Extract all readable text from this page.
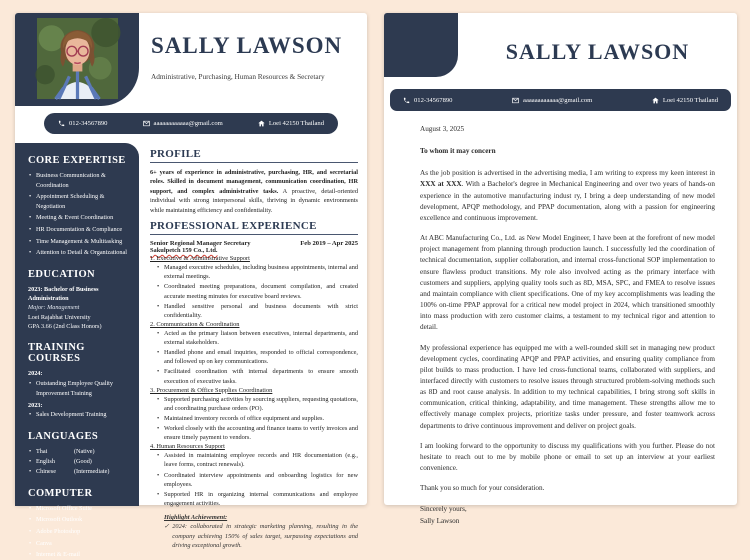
SALLY LAWSON
Administrative, Purchasing, Human Resources & Secretary
012-34567890	aaaaaaaaaaaa@gmail.com	Loei 42150 Thailand
CORE EXPERTISE
• Business Communication & Coordination
• Appointment Scheduling & Negotiation
• Meeting & Event Coordination
• HR Documentation & Compliance
• Time Management & Multitasking
• Attention to Detail & Organizational
EDUCATION
2023: Bachelor of Business Administration
Major: Management
Loei Rajabhat University
GPA 3.66 (2nd Class Honors)
TRAINING COURSES
2024:
• Outstanding Employee Quality Improvement Training
2023:
• Sales Development Training
LANGUAGES
• Thai	(Native)
• English	(Good)
• Chinese	(Intermediate)
COMPUTER
• Microsoft Office Suite
• Microsoft Outlook
• Adobe Photoshop
• Canva
• Internet & E-mail
PROFILE

6+ years of experience in administrative, purchasing, HR, and secretarial roles. Skilled in document management, communication coordination, HR support, and complex administrative tasks. A proactive, detail-oriented individual with strong interpersonal skills, thriving in dynamic environments while maintaining efficiency and confidentiality.

PROFESSIONAL EXPERIENCE
Senior Regional Manager Secretary	Feb 2019 – Apr 2025
Sakulpetch 159 Co., Ltd.
1. Executive & Administrative Support
• Managed executive schedules, including business appointments, internal and external meetings.
• Coordinated meeting preparations, document compilation, and created accurate meeting minutes for executive board reviews.
• Handled sensitive personal and business documents with strict confidentiality.
2. Communication & Coordination
• Acted as the primary liaison between executives, internal departments, and external stakeholders.
• Handled phone and email inquiries, responded to official correspondence, and followed up on key communications.
• Facilitated coordination with internal departments to ensure smooth execution of executive tasks.
3. Procurement & Office Supplies Coordination
• Supported purchasing activities by sourcing suppliers, requesting quotations, and coordinating purchase orders (PO).
• Maintained inventory records of office equipment and supplies.
• Worked closely with the accounting and finance teams to verify invoices and ensure timely payment to vendors.
4. Human Resources Support
• Assisted in maintaining employee records and HR documentation (e.g., leave forms, contract renewals).
• Coordinated interview appointments and onboarding logistics for new employees.
• Supported HR in organizing internal communications and employee engagement activities.
Highlight Achievement:
✓ 2024: collaborated in strategic marketing planning, resulting in the company achieving 150% of sales target, surpassing expectations and driving exceptional growth.
SALLY LAWSON
012-34567890	aaaaaaaaaaaa@gmail.com	Loei 42150 Thailand

August 3, 2025

To whom it may concern

As the job position is advertised in the advertising media, I am writing to express my keen interest in XXX at XXX. With a Bachelor's degree in Mechanical Engineering and over two years of hands-on experience in the automotive manufacturing indust ry, I bring a deep understanding of new model development, APQP methodology, and PPAP documentation, along with a passion for engineering excellence and continuous improvement.

At ABC Manufacturing Co., Ltd. as New Model Engineer, I have been at the forefront of new model project management from planning through production launch. I successfully led the coordination of technical documentation, supplier collaboration, and internal cross-functional SOP implementation to ensure flawless product transitions. My role also involved acting as the primary interface with customers and suppliers, applying quality tools such as 8D, MSA, SPC, and FMEA to resolve issues and maintain compliance with client specifications. One of my key accomplishments was leading the 100% on-time PPAP approval for a critical new model project in 2024, which transitioned smoothly into mass production with zero customer claims, a testament to my technical rigor and attention to detail.

My professional experience has equipped me with a well-rounded skill set in managing new product development cycles, coordinating APQP and PPAP activities, and ensuring quality compliance from pilot builds to mass production. I have led cross-functional teams, collaborated with suppliers, and interfaced directly with customers to resolve issues through structured problem-solving methods such as 8D and root cause analysis. In addition to my technical capabilities, I bring strong soft skills in communication, critical thinking, adaptability, and time management. These strengths allow me to effectively manage complex projects, prioritize tasks under pressure, and foster teamwork across departments to drive continuous improvement and deliver on project goals.

I am looking forward to the opportunity to discuss my qualifications with you further. Please do not hesitate to reach out to me by mobile phone or email to set up an interview at your earliest convenience.

Thank you so much for your consideration.

Sincerely yours,

Sally Lawson
